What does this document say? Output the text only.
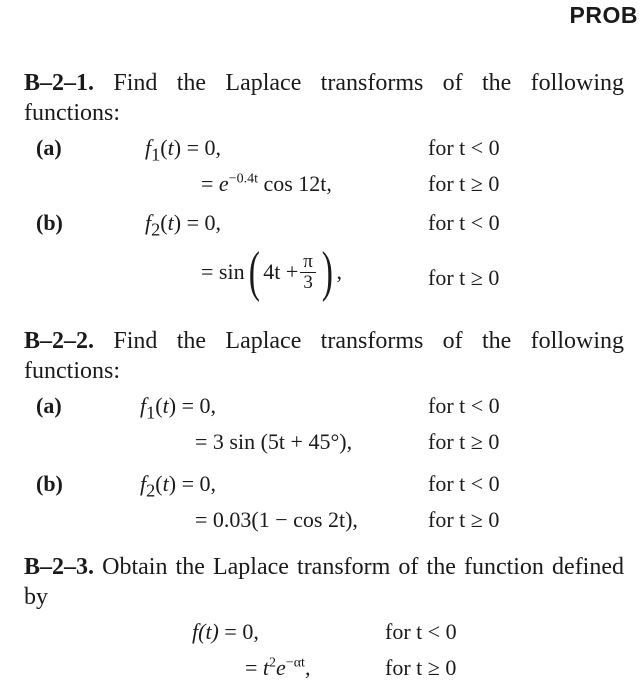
PROB
B–2–1. Find the Laplace transforms of the following functions:
(a)	$f_1(t) = 0$,	for t < 0
= $e^{-0.4t}$ cos 12t,	for t ≥ 0
(b)	$f_2(t) = 0$,	for t < 0
= sin ( $4t + \frac{\pi}{3}$ ) ,	for t ≥ 0
B–2–2. Find the Laplace transforms of the following functions:
(a)	$f_1(t) = 0$,	for t < 0
= 3 sin (5t + 45°),	for t ≥ 0
(b)	$f_2(t) = 0$,	for t < 0
= 0.03(1 − cos 2t),	for t ≥ 0
B–2–3. Obtain the Laplace transform of the function defined by
f(t) = 0,	for t < 0
= $t^2e^{-\alpha t}$,	for t ≥ 0
